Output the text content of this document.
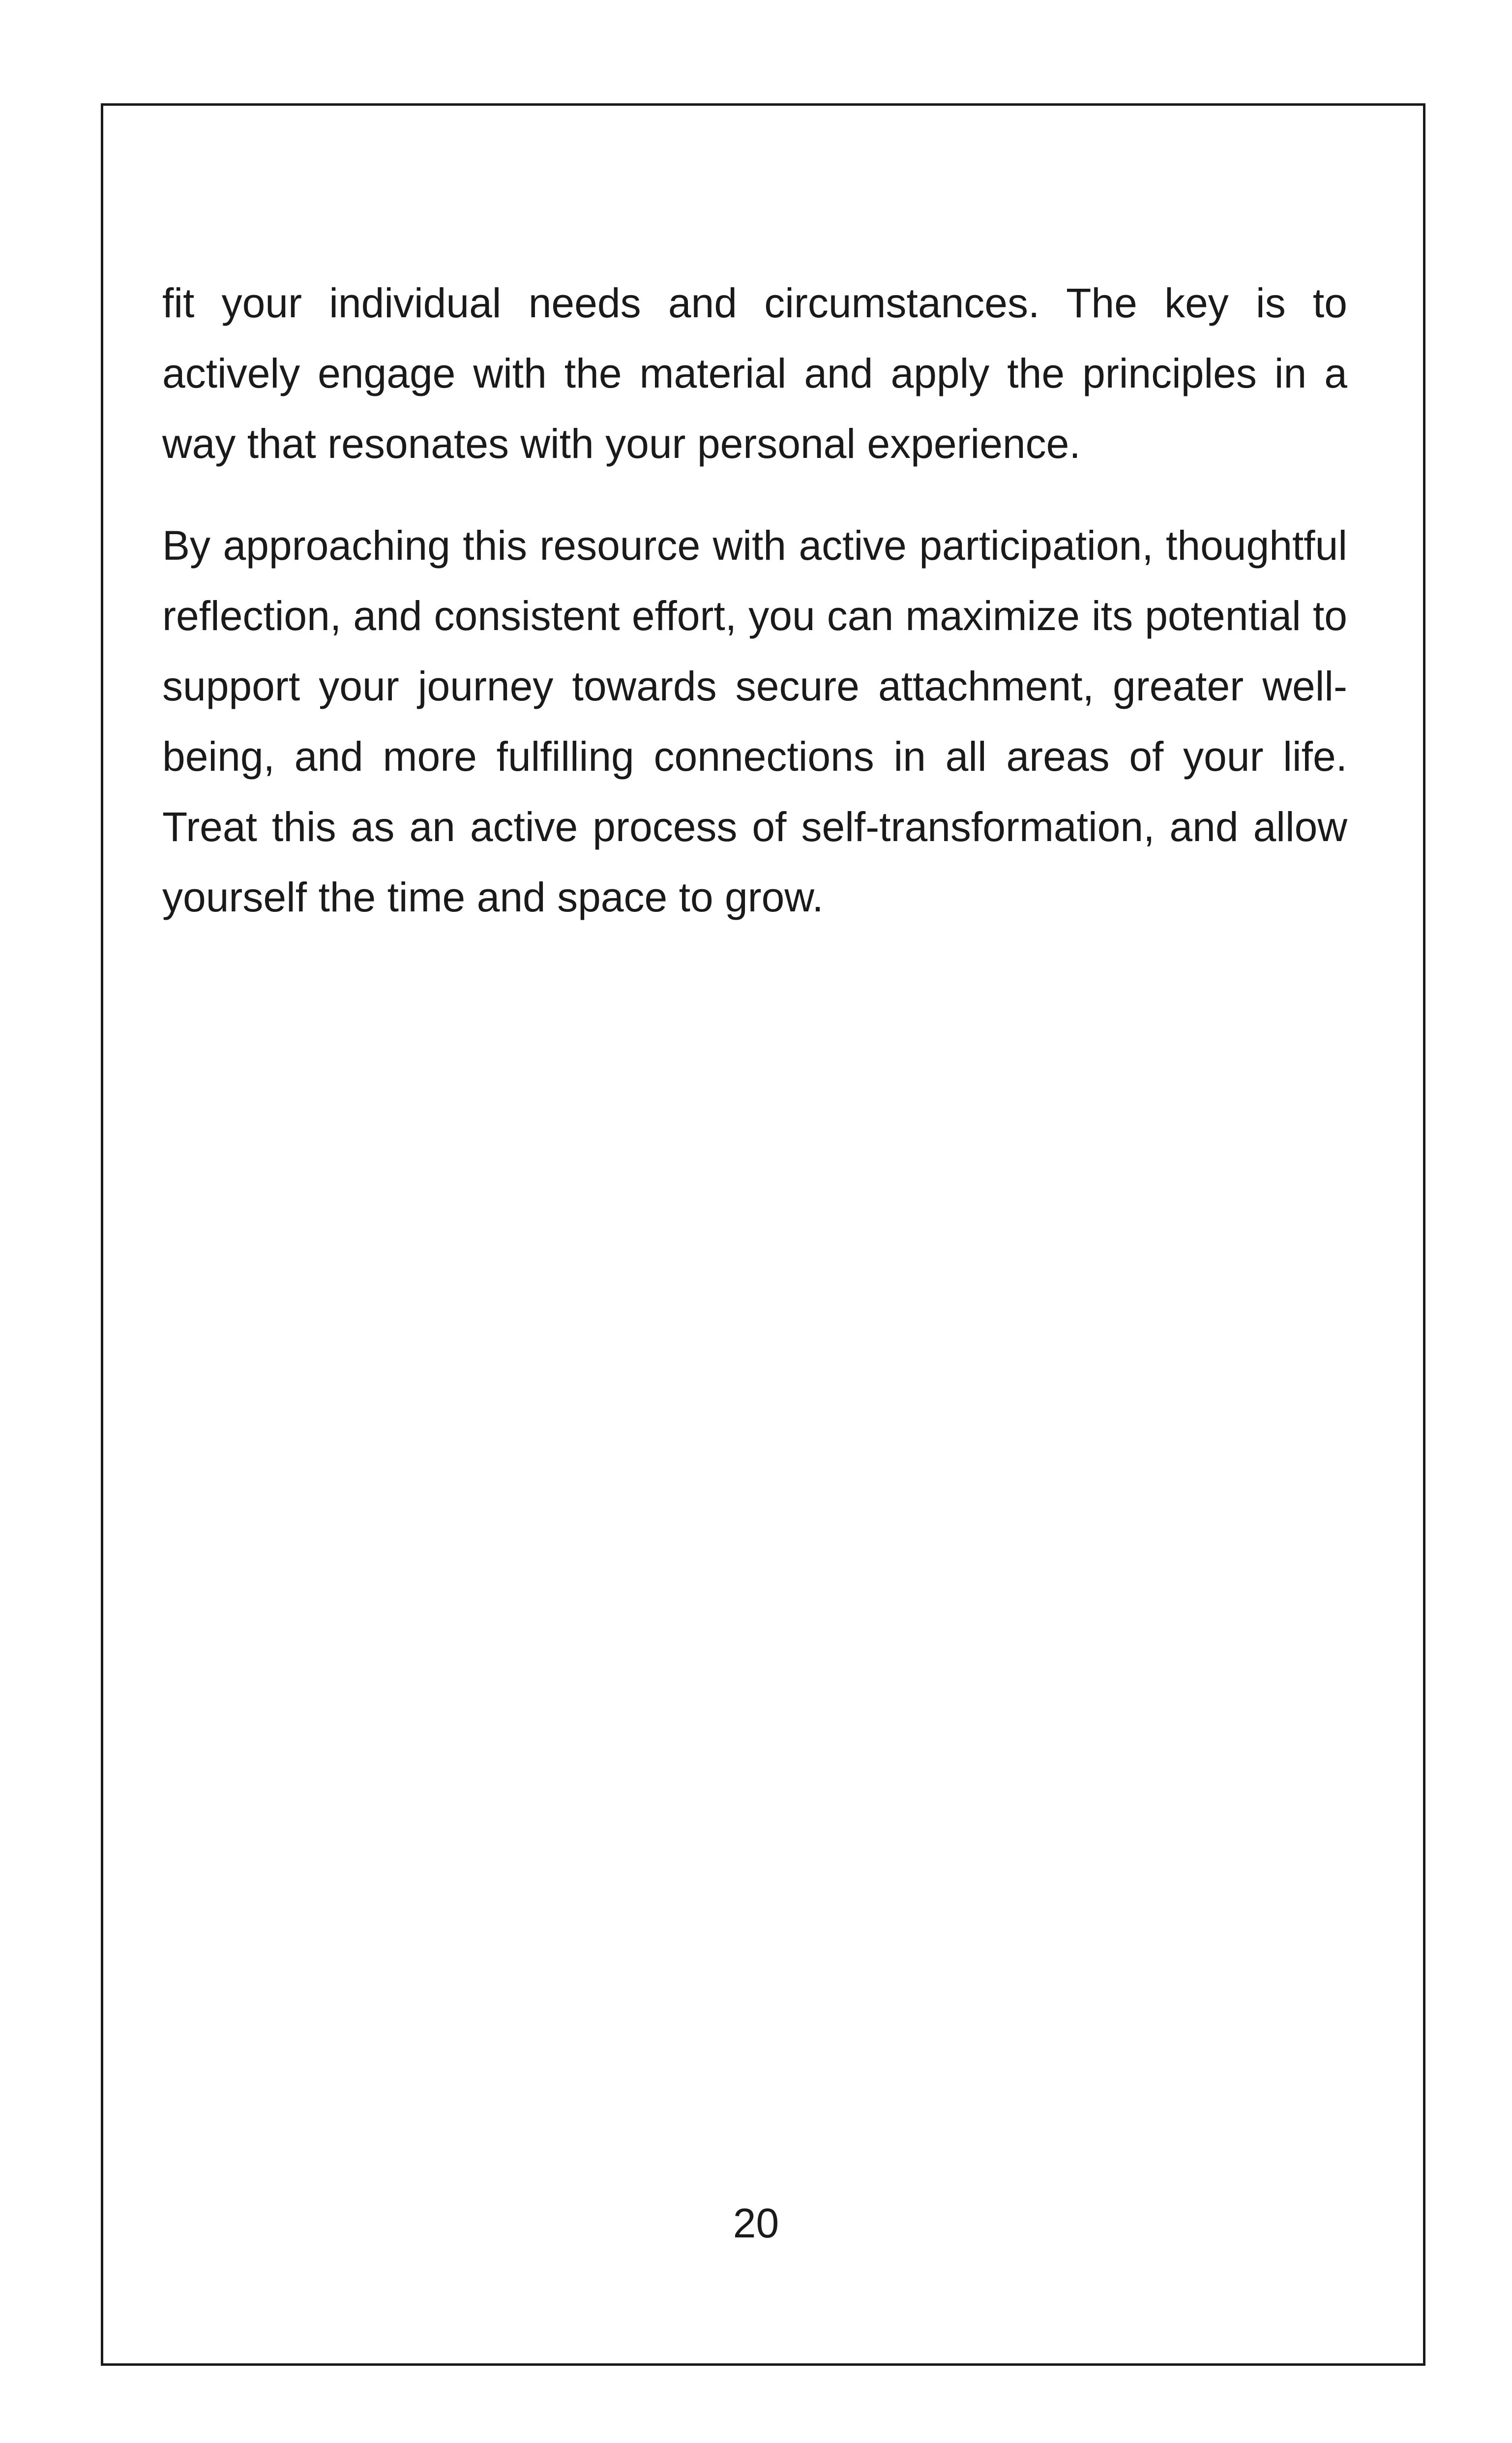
fit your individual needs and circumstances. The key is to actively engage with the material and apply the principles in a way that resonates with your personal experience.

By approaching this resource with active participation, thoughtful reflection, and consistent effort, you can maximize its potential to support your journey towards secure attachment, greater well-being, and more fulfilling connections in all areas of your life. Treat this as an active process of self-transformation, and allow yourself the time and space to grow.

20
